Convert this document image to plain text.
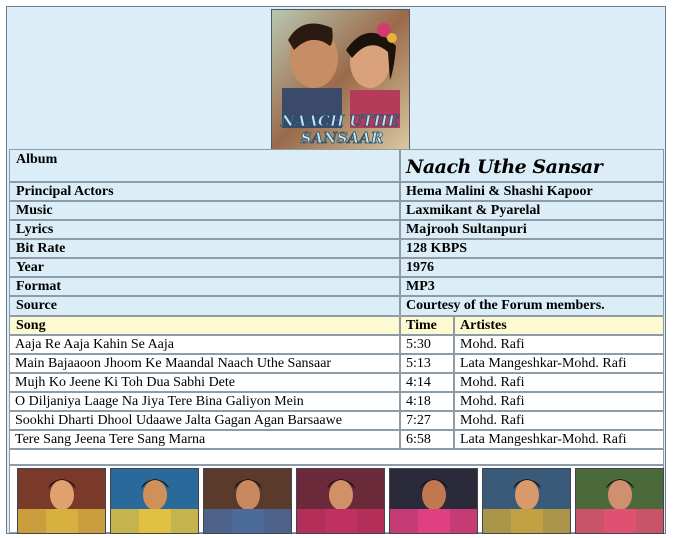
NAACH UTHE
SANSAAR
Album	Naach Uthe Sansar
Principal Actors	Hema Malini & Shashi Kapoor
Music	Laxmikant & Pyarelal
Lyrics	Majrooh Sultanpuri
Bit Rate	128 KBPS
Year	1976
Format	MP3
Source	Courtesy of the Forum members.
Song	Time	Artistes
Aaja Re Aaja Kahin Se Aaja	5:30	Mohd. Rafi
Main Bajaaoon Jhoom Ke Maandal Naach Uthe Sansaar	5:13	Lata Mangeshkar-Mohd. Rafi
Mujh Ko Jeene Ki Toh Dua Sabhi Dete	4:14	Mohd. Rafi
O Diljaniya Laage Na Jiya Tere Bina Galiyon Mein	4:18	Mohd. Rafi
Sookhi Dharti Dhool Udaawe Jalta Gagan Agan Barsaawe	7:27	Mohd. Rafi
Tere Sang Jeena Tere Sang Marna	6:58	Lata Mangeshkar-Mohd. Rafi
